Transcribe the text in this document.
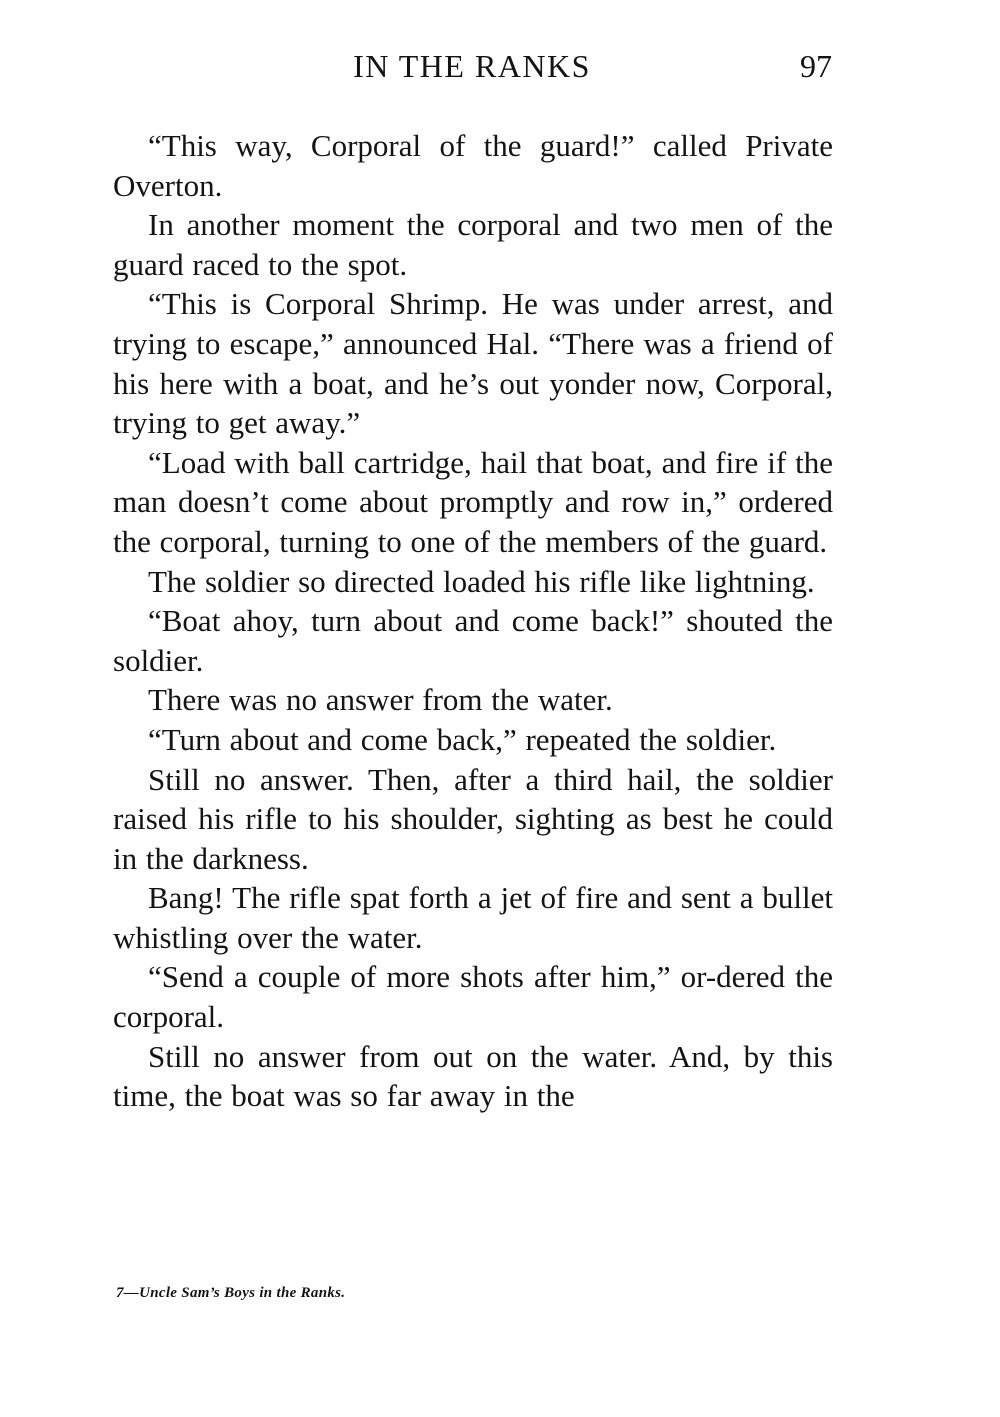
IN THE RANKS	97

“This way, Corporal of the guard!” called Private Overton.

In another moment the corporal and two men of the guard raced to the spot.

“This is Corporal Shrimp. He was under arrest, and trying to escape,” announced Hal. “There was a friend of his here with a boat, and he’s out yonder now, Corporal, trying to get away.”

“Load with ball cartridge, hail that boat, and fire if the man doesn’t come about promptly and row in,” ordered the corporal, turning to one of the members of the guard.

The soldier so directed loaded his rifle like lightning.

“Boat ahoy, turn about and come back!” shouted the soldier.

There was no answer from the water.

“Turn about and come back,” repeated the soldier.

Still no answer. Then, after a third hail, the soldier raised his rifle to his shoulder, sighting as best he could in the darkness.

Bang! The rifle spat forth a jet of fire and sent a bullet whistling over the water.

“Send a couple of more shots after him,” or-dered the corporal.

Still no answer from out on the water. And, by this time, the boat was so far away in the

7—Uncle Sam’s Boys in the Ranks.
